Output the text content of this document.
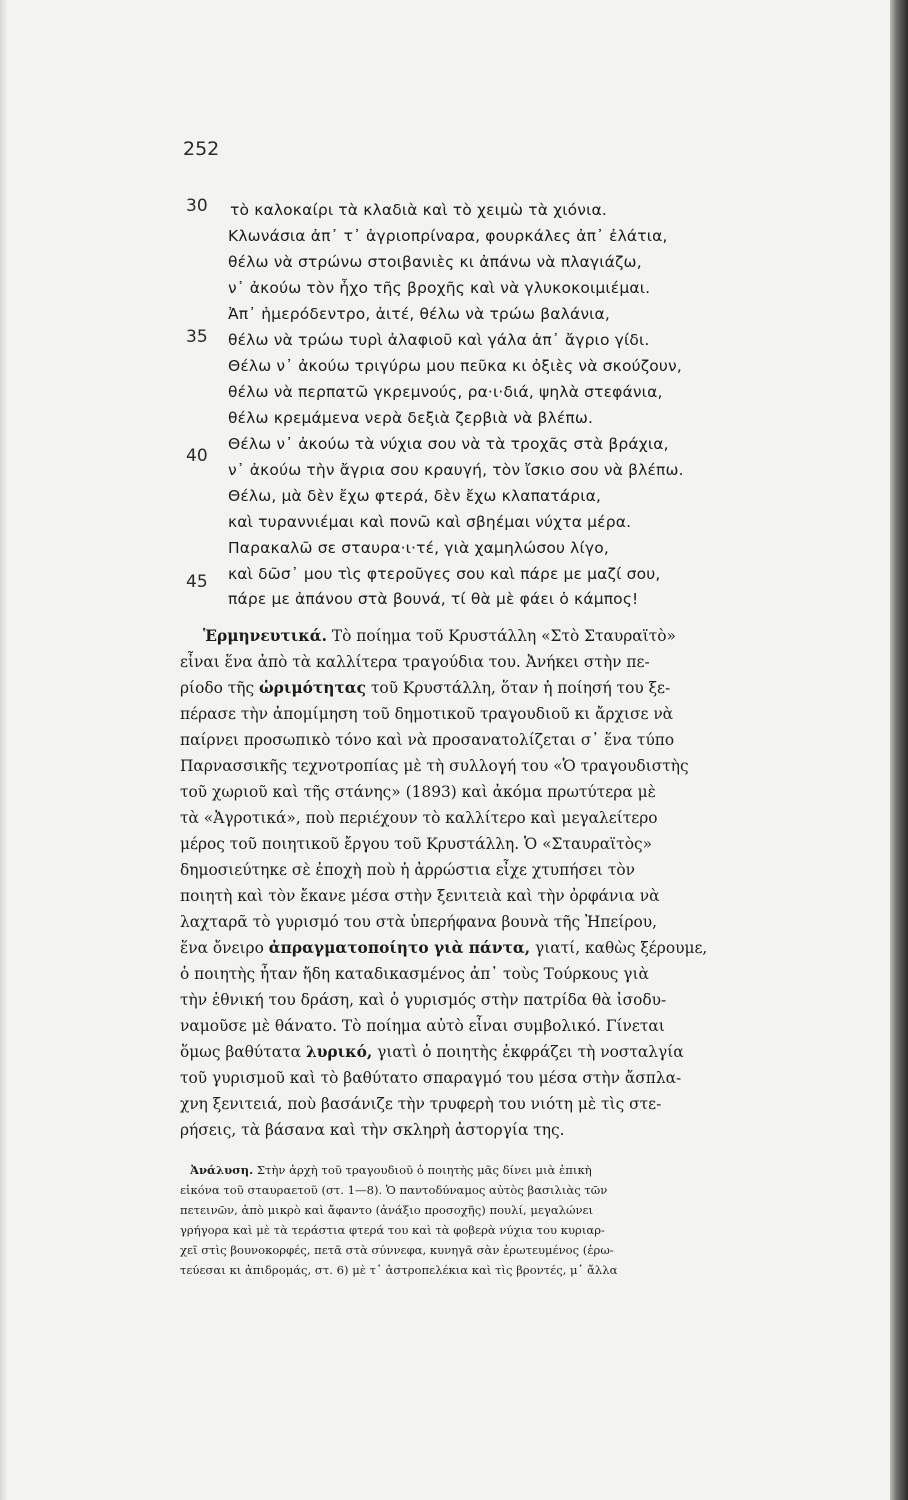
252
30
35
40
45
τὸ καλοκαίρι τὰ κλαδιὰ καὶ τὸ χειμὼ τὰ χιόνια.
Κλωνάσια ἀπ᾽ τ᾽ ἀγριοπρίναρα, φουρκάλες ἀπ᾽ ἐλάτια,
θέλω νὰ στρώνω στοιβανιὲς κι ἀπάνω νὰ πλαγιάζω,
ν᾽ ἀκούω τὸν ἦχο τῆς βροχῆς καὶ νὰ γλυκοκοιμιέμαι.
Ἀπ᾽ ἡμερόδεντρο, ἀιτέ, θέλω νὰ τρώω βαλάνια,
θέλω νὰ τρώω τυρὶ ἀλαφιοῦ καὶ γάλα ἀπ᾽ ἄγριο γίδι.
Θέλω ν᾽ ἀκούω τριγύρω μου πεῦκα κι ὀξιὲς νὰ σκούζουν,
θέλω νὰ περπατῶ γκρεμνούς, ρα·ι·διά, ψηλὰ στεφάνια,
θέλω κρεμάμενα νερὰ δεξιὰ ζερβιὰ νὰ βλέπω.
Θέλω ν᾽ ἀκούω τὰ νύχια σου νὰ τὰ τροχᾶς στὰ βράχια,
ν᾽ ἀκούω τὴν ἄγρια σου κραυγή, τὸν ἴσκιο σου νὰ βλέπω.
Θέλω, μὰ δὲν ἔχω φτερά, δὲν ἔχω κλαπατάρια,
καὶ τυραννιέμαι καὶ πονῶ καὶ σβηέμαι νύχτα μέρα.
Παρακαλῶ σε σταυρα·ι·τέ, γιὰ χαμηλώσου λίγο,
καὶ δῶσ᾽ μου τὶς φτεροῦγες σου καὶ πάρε με μαζί σου,
πάρε με ἀπάνου στὰ βουνά, τί θὰ μὲ φάει ὁ κάμπος!
Ἑρμηνευτικά. Τὸ ποίημα τοῦ Κρυστάλλη «Στὸ Σταυραϊτὸ»
εἶναι ἕνα ἀπὸ τὰ καλλίτερα τραγούδια του. Ἀνήκει στὴν πε-
ρίοδο τῆς ὡριμότητας τοῦ Κρυστάλλη, ὅταν ἡ ποίησή του ξε-
πέρασε τὴν ἀπομίμηση τοῦ δημοτικοῦ τραγουδιοῦ κι ἄρχισε νὰ
παίρνει προσωπικὸ τόνο καὶ νὰ προσανατολίζεται σ᾽ ἕνα τύπο
Παρνασσικῆς τεχνοτροπίας μὲ τὴ συλλογή του «Ὁ τραγουδιστὴς
τοῦ χωριοῦ καὶ τῆς στάνης» (1893) καὶ ἀκόμα πρωτύτερα μὲ
τὰ «Ἀγροτικά», ποὺ περιέχουν τὸ καλλίτερο καὶ μεγαλείτερο
μέρος τοῦ ποιητικοῦ ἔργου τοῦ Κρυστάλλη. Ὁ «Σταυραϊτὸς»
δημοσιεύτηκε σὲ ἐποχὴ ποὺ ἡ ἀρρώστια εἶχε χτυπήσει τὸν
ποιητὴ καὶ τὸν ἔκανε μέσα στὴν ξενιτειὰ καὶ τὴν ὀρφάνια νὰ
λαχταρᾶ τὸ γυρισμό του στὰ ὑπερήφανα βουνὰ τῆς Ἠπείρου,
ἕνα ὄνειρο ἀπραγματοποίητο γιὰ πάντα, γιατί, καθὼς ξέρουμε,
ὁ ποιητὴς ἦταν ἤδη καταδικασμένος ἀπ᾽ τοὺς Τούρκους γιὰ
τὴν ἐθνική του δράση, καὶ ὁ γυρισμός στὴν πατρίδα θὰ ἰσοδυ-
ναμοῦσε μὲ θάνατο. Τὸ ποίημα αὐτὸ εἶναι συμβολικό. Γίνεται
ὅμως βαθύτατα λυρικό, γιατὶ ὁ ποιητὴς ἐκφράζει τὴ νοσταλγία
τοῦ γυρισμοῦ καὶ τὸ βαθύτατο σπαραγμό του μέσα στὴν ἄσπλα-
χνη ξενιτειά, ποὺ βασάνιζε τὴν τρυφερὴ του νιότη μὲ τὶς στε-
ρήσεις, τὰ βάσανα καὶ τὴν σκληρὴ ἀστοργία της.
Ἀνάλυση. Στὴν ἀρχὴ τοῦ τραγουδιοῦ ὁ ποιητὴς μᾶς δίνει μιὰ ἐπικὴ
εἰκόνα τοῦ σταυραετοῦ (στ. 1—8). Ὁ παντοδύναμος αὐτὸς βασιλιὰς τῶν
πετεινῶν, ἀπὸ μικρὸ καὶ ἄφαντο (ἀνάξιο προσοχῆς) πουλί, μεγαλώνει
γρήγορα καὶ μὲ τὰ τεράστια φτερά του καὶ τὰ φοβερὰ νύχια του κυριαρ-
χεῖ στὶς βουνοκορφές, πετᾶ στὰ σύννεφα, κυνηγᾶ σὰν ἐρωτευμένος (ἐρω-
τεύεσαι κι ἀπιδρομάς, στ. 6) μὲ τ᾽ ἀστροπελέκια καὶ τὶς βροντές, μ᾽ ἄλλα
